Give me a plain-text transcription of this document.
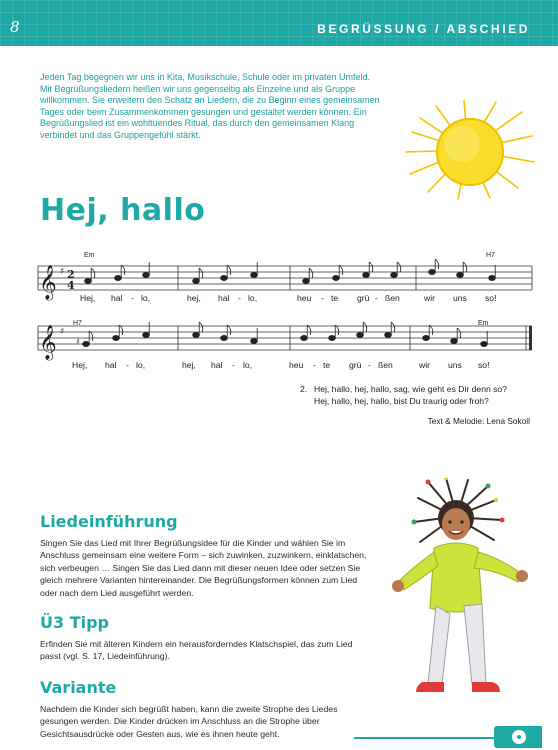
8	BEGRÜSSUNG / ABSCHIED

Jeden Tag begegnen wir uns in Kita, Musikschule, Schule oder im privaten Umfeld. Mit Begrüßungsliedern heißen wir uns gegenseitig als Einzelne und als Gruppe willkommen. Sie erweitern den Schatz an Liedern, die zu Beginn eines gemeinsamen Tages oder beim Zusammenkommen gesungen und gestaltet werden können. Ein Begrüßungslied ist ein wohltuendes Ritual, das durch den gemeinsamen Klang verbindet und das Gruppengefühl stärkt.

Hej, hallo
Em	H7
H7	Em
𝄞
𝄞
♯
♯
2
4
♯
Hej, hal - lo,	hej, hal - lo,	heu - te grü - ßen	wir uns so!
Hej, hal - lo,	hej, hal - lo,	heu - te grü - ßen	wir uns so!
2. Hej, hallo, hej, hallo, sag, wie geht es Dir denn so?
Hej, hallo, hej, hallo, bist Du traurig oder froh?
Text & Melodie: Lena Sokoll
Liedeinführung

Singen Sie das Lied mit Ihrer Begrüßungsidee für die Kinder und wählen Sie im Anschluss gemeinsam eine weitere Form – sich zuwinken, zuzwinkern, einklatschen, sich verbeugen … Singen Sie das Lied dann mit dieser neuen Idee oder setzen Sie gleich mehrere Varianten hintereinander. Die Begrüßungsformen können zum Lied oder nach dem Lied ausgeführt werden.

Ü3 Tipp

Erfinden Sie mit älteren Kindern ein herausforderndes Klatschspiel, das zum Lied passt (vgl. S. 17, Liedeinführung).

Variante

Nachdem die Kinder sich begrüßt haben, kann die zweite Strophe des Liedes gesungen werden. Die Kinder drücken im Anschluss an die Strophe über Gesichtsausdrücke oder Gesten aus, wie es ihnen heute geht.
